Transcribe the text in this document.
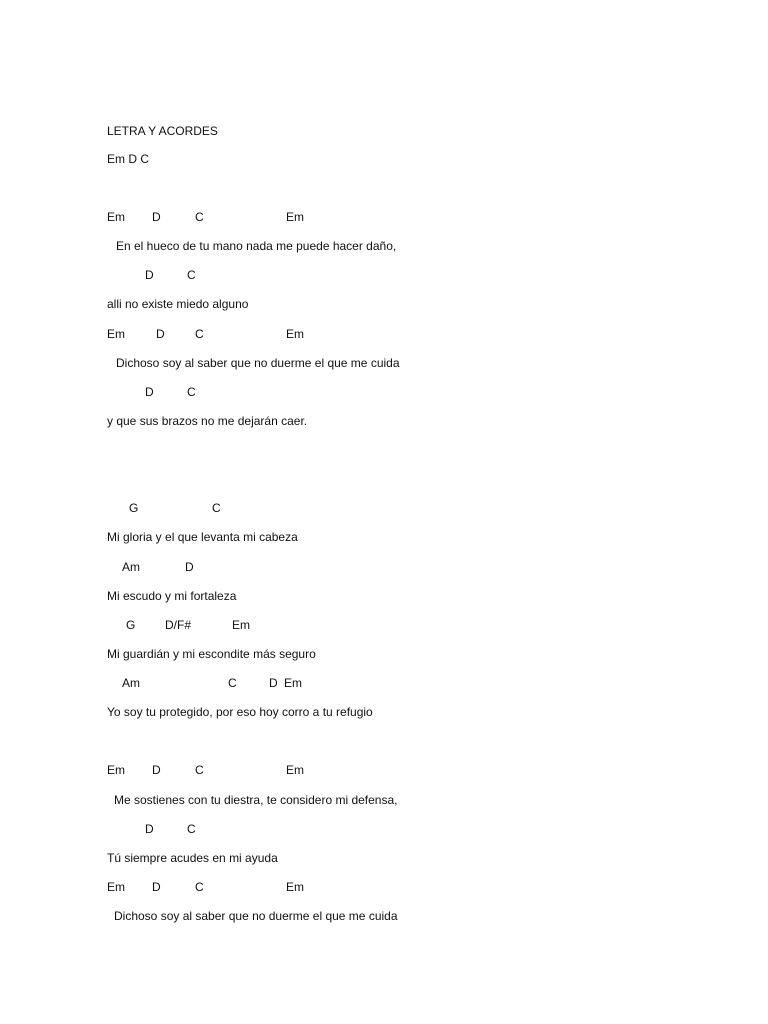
LETRA Y ACORDES
Em D C
Em D	C	Em
En el hueco de tu mano nada me puede hacer daño,
D	C
alli no existe miedo alguno
Em	D	C	Em
Dichoso soy al saber que no duerme el que me cuida
D	C
y que sus brazos no me dejarán caer.
G	C
Mi gloria y el que levanta mi cabeza
Am	D
Mi escudo y mi fortaleza
G D/F#	Em
Mi guardián y mi escondite más seguro
Am	C	D Em
Yo soy tu protegido, por eso hoy corro a tu refugio
Em D	C	Em
Me sostienes con tu diestra, te considero mi defensa,
D	C
Tú siempre acudes en mi ayuda
Em D	C	Em
Dichoso soy al saber que no duerme el que me cuida
